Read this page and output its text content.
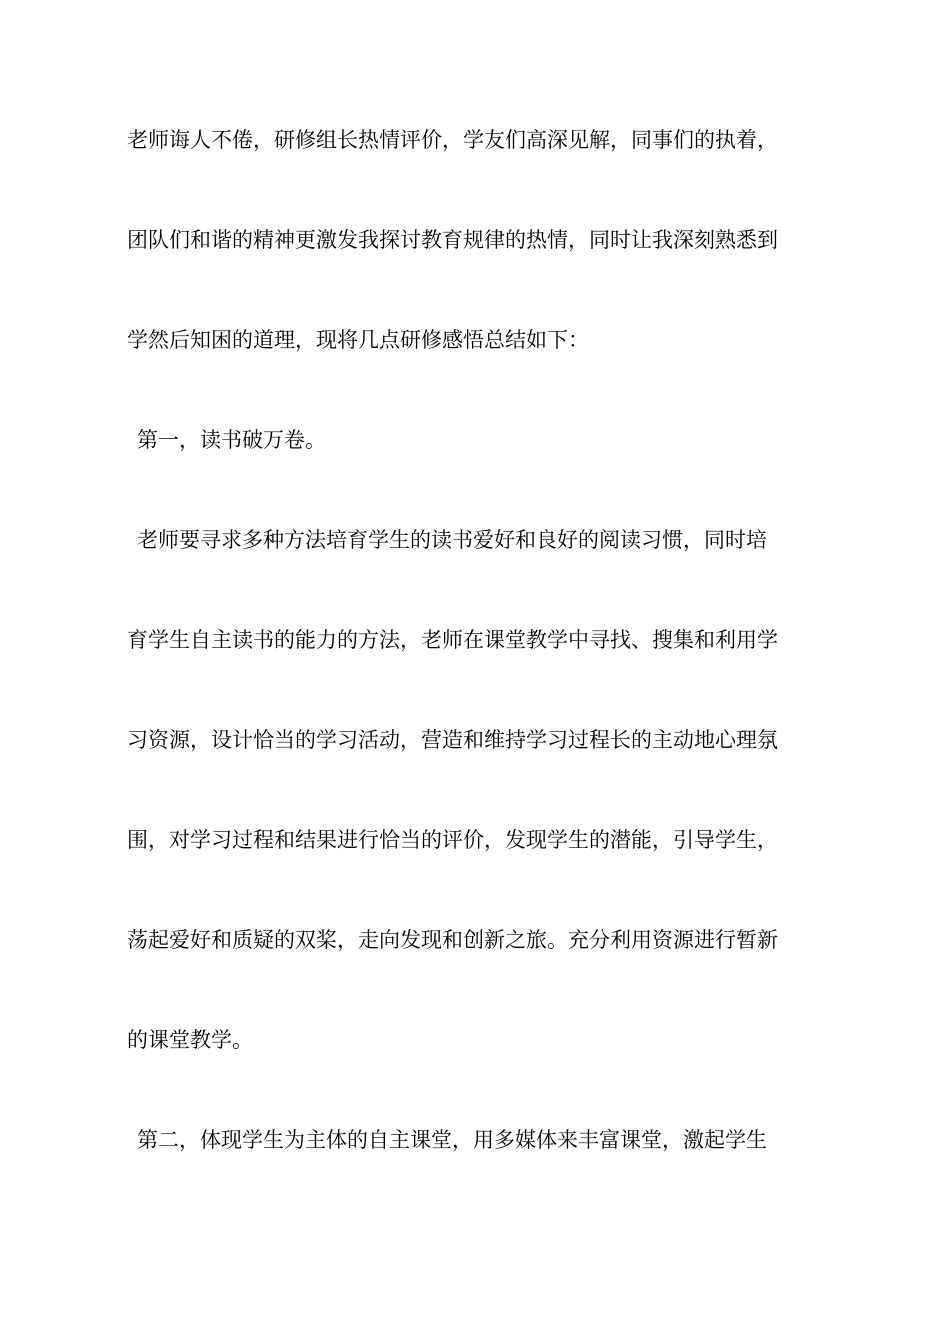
老师诲人不倦，研修组长热情评价，学友们高深见解，同事们的执着，
团队们和谐的精神更激发我探讨教育规律的热情，同时让我深刻熟悉到
学然后知困的道理，现将几点研修感悟总结如下：
第一，读书破万卷。
老师要寻求多种方法培育学生的读书爱好和良好的阅读习惯，同时培
育学生自主读书的能力的方法，老师在课堂教学中寻找、搜集和利用学
习资源，设计恰当的学习活动，营造和维持学习过程长的主动地心理氛
围，对学习过程和结果进行恰当的评价，发现学生的潜能，引导学生，
荡起爱好和质疑的双桨，走向发现和创新之旅。充分利用资源进行暂新
的课堂教学。
第二，体现学生为主体的自主课堂，用多媒体来丰富课堂，激起学生
